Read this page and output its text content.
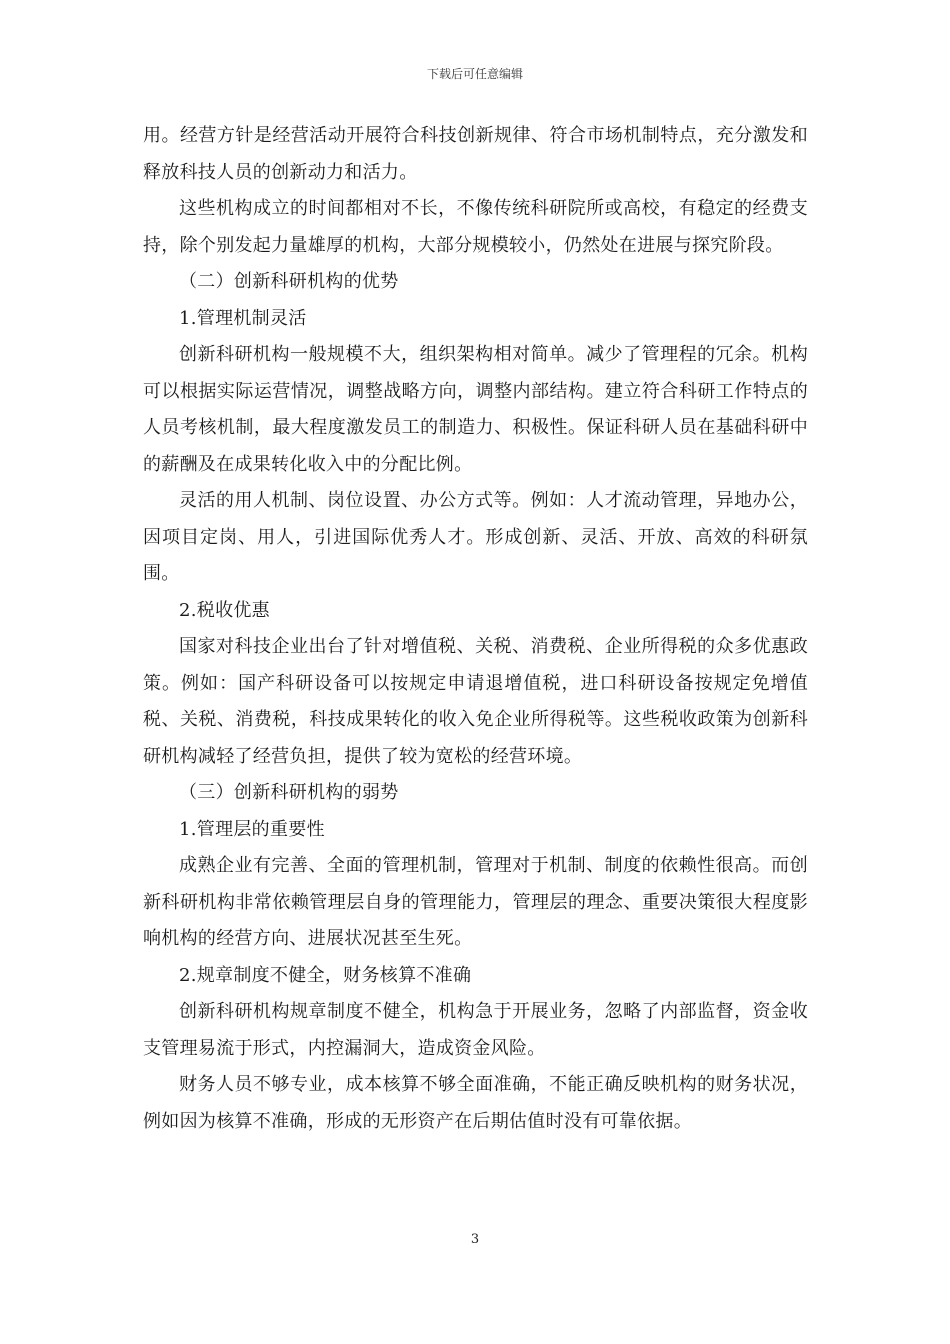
下载后可任意编辑

用。经营方针是经营活动开展符合科技创新规律、符合市场机制特点，充分激发和释放科技人员的创新动力和活力。

这些机构成立的时间都相对不长，不像传统科研院所或高校，有稳定的经费支持，除个别发起力量雄厚的机构，大部分规模较小，仍然处在进展与探究阶段。

（二）创新科研机构的优势

1.管理机制灵活

创新科研机构一般规模不大，组织架构相对简单。减少了管理程的冗余。机构可以根据实际运营情况，调整战略方向，调整内部结构。建立符合科研工作特点的人员考核机制，最大程度激发员工的制造力、积极性。保证科研人员在基础科研中的薪酬及在成果转化收入中的分配比例。

灵活的用人机制、岗位设置、办公方式等。例如：人才流动管理，异地办公，因项目定岗、用人，引进国际优秀人才。形成创新、灵活、开放、高效的科研氛围。

2.税收优惠

国家对科技企业出台了针对增值税、关税、消费税、企业所得税的众多优惠政策。例如：国产科研设备可以按规定申请退增值税，进口科研设备按规定免增值税、关税、消费税，科技成果转化的收入免企业所得税等。这些税收政策为创新科研机构减轻了经营负担，提供了较为宽松的经营环境。

（三）创新科研机构的弱势

1.管理层的重要性

成熟企业有完善、全面的管理机制，管理对于机制、制度的依赖性很高。而创新科研机构非常依赖管理层自身的管理能力，管理层的理念、重要决策很大程度影响机构的经营方向、进展状况甚至生死。

2.规章制度不健全，财务核算不准确

创新科研机构规章制度不健全，机构急于开展业务，忽略了内部监督，资金收支管理易流于形式，内控漏洞大，造成资金风险。

财务人员不够专业，成本核算不够全面准确，不能正确反映机构的财务状况，例如因为核算不准确，形成的无形资产在后期估值时没有可靠依据。

3
